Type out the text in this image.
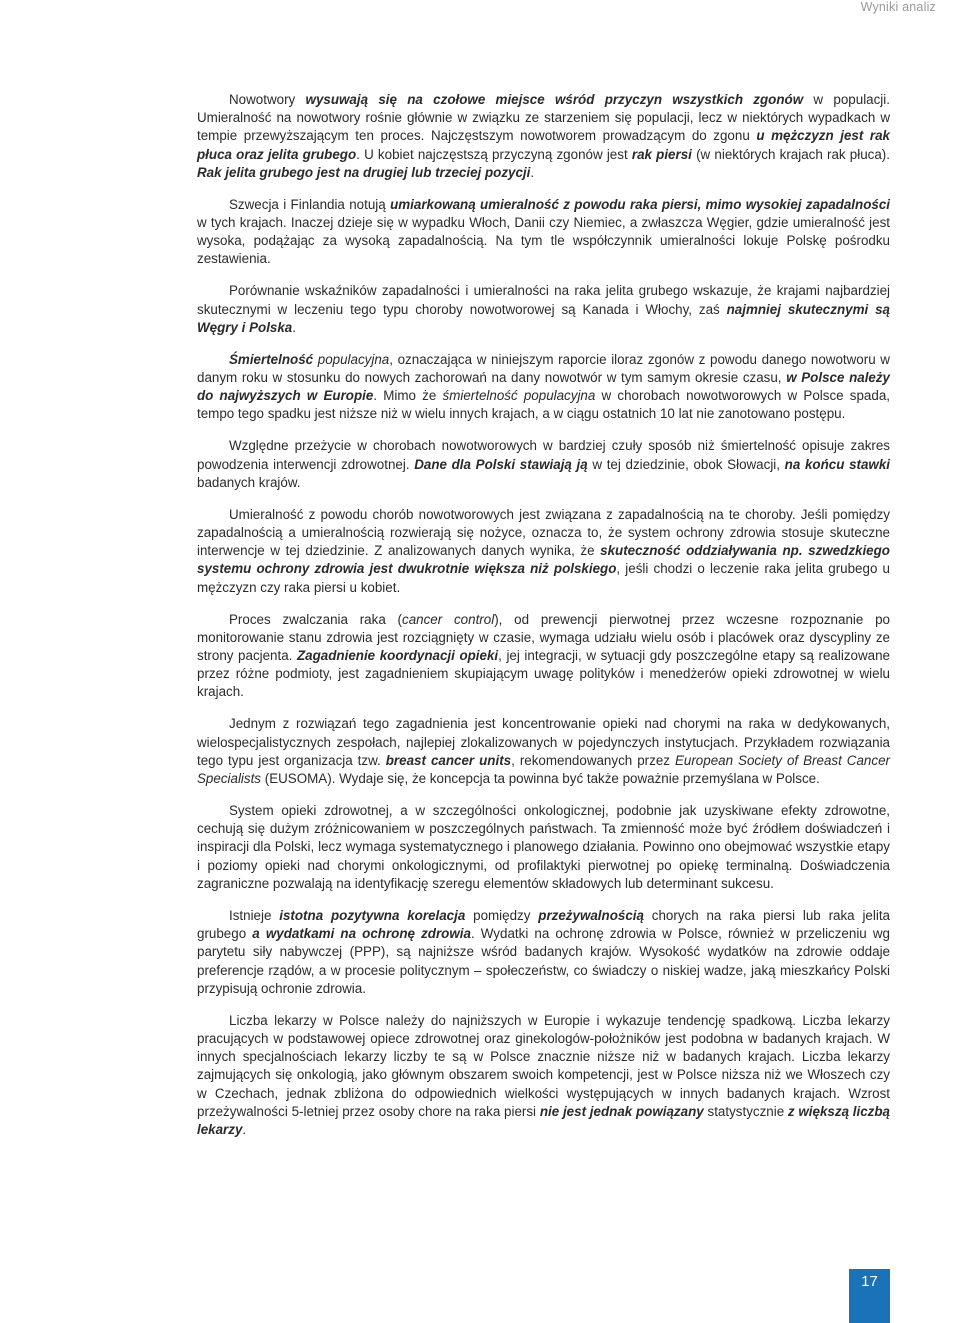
Wyniki analiz

Nowotwory wysuwają się na czołowe miejsce wśród przyczyn wszystkich zgonów w populacji. Umieralność na nowotwory rośnie głównie w związku ze starzeniem się populacji, lecz w niektórych wypadkach w tempie przewyższającym ten proces. Najczęstszym nowotworem prowadzącym do zgonu u mężczyzn jest rak płuca oraz jelita grubego. U kobiet najczęstszą przyczyną zgonów jest rak piersi (w niektórych krajach rak płuca). Rak jelita grubego jest na drugiej lub trzeciej pozycji.

Szwecja i Finlandia notują umiarkowaną umieralność z powodu raka piersi, mimo wysokiej zapadalności w tych krajach. Inaczej dzieje się w wypadku Włoch, Danii czy Niemiec, a zwłaszcza Węgier, gdzie umieralność jest wysoka, podążając za wysoką zapadalnością. Na tym tle współczynnik umieralności lokuje Polskę pośrodku zestawienia.

Porównanie wskaźników zapadalności i umieralności na raka jelita grubego wskazuje, że krajami najbardziej skutecznymi w leczeniu tego typu choroby nowotworowej są Kanada i Włochy, zaś najmniej skutecznymi są Węgry i Polska.

Śmiertelność populacyjna, oznaczająca w niniejszym raporcie iloraz zgonów z powodu danego nowotworu w danym roku w stosunku do nowych zachorowań na dany nowotwór w tym samym okresie czasu, w Polsce należy do najwyższych w Europie. Mimo że śmiertelność populacyjna w chorobach nowotworowych w Polsce spada, tempo tego spadku jest niższe niż w wielu innych krajach, a w ciągu ostatnich 10 lat nie zanotowano postępu.

Względne przeżycie w chorobach nowotworowych w bardziej czuły sposób niż śmiertelność opisuje zakres powodzenia interwencji zdrowotnej. Dane dla Polski stawiają ją w tej dziedzinie, obok Słowacji, na końcu stawki badanych krajów.

Umieralność z powodu chorób nowotworowych jest związana z zapadalnością na te choroby. Jeśli pomiędzy zapadalnością a umieralnością rozwierają się nożyce, oznacza to, że system ochrony zdrowia stosuje skuteczne interwencje w tej dziedzinie. Z analizowanych danych wynika, że skuteczność oddziaływania np. szwedzkiego systemu ochrony zdrowia jest dwukrotnie większa niż polskiego, jeśli chodzi o leczenie raka jelita grubego u mężczyzn czy raka piersi u kobiet.

Proces zwalczania raka (cancer control), od prewencji pierwotnej przez wczesne rozpoznanie po monitorowanie stanu zdrowia jest rozciągnięty w czasie, wymaga udziału wielu osób i placówek oraz dyscypliny ze strony pacjenta. Zagadnienie koordynacji opieki, jej integracji, w sytuacji gdy poszczególne etapy są realizowane przez różne podmioty, jest zagadnieniem skupiającym uwagę polityków i menedżerów opieki zdrowotnej w wielu krajach.

Jednym z rozwiązań tego zagadnienia jest koncentrowanie opieki nad chorymi na raka w dedykowanych, wielospecjalistycznych zespołach, najlepiej zlokalizowanych w pojedynczych instytucjach. Przykładem rozwiązania tego typu jest organizacja tzw. breast cancer units, rekomendowanych przez European Society of Breast Cancer Specialists (EUSOMA). Wydaje się, że koncepcja ta powinna być także poważnie przemyślana w Polsce.

System opieki zdrowotnej, a w szczególności onkologicznej, podobnie jak uzyskiwane efekty zdrowotne, cechują się dużym zróżnicowaniem w poszczególnych państwach. Ta zmienność może być źródłem doświadczeń i inspiracji dla Polski, lecz wymaga systematycznego i planowego działania. Powinno ono obejmować wszystkie etapy i poziomy opieki nad chorymi onkologicznymi, od profilaktyki pierwotnej po opiekę terminalną. Doświadczenia zagraniczne pozwalają na identyfikację szeregu elementów składowych lub determinant sukcesu.

Istnieje istotna pozytywna korelacja pomiędzy przeżywalnością chorych na raka piersi lub raka jelita grubego a wydatkami na ochronę zdrowia. Wydatki na ochronę zdrowia w Polsce, również w przeliczeniu wg parytetu siły nabywczej (PPP), są najniższe wśród badanych krajów. Wysokość wydatków na zdrowie oddaje preferencje rządów, a w procesie politycznym – społeczeństw, co świadczy o niskiej wadze, jaką mieszkańcy Polski przypisują ochronie zdrowia.

Liczba lekarzy w Polsce należy do najniższych w Europie i wykazuje tendencję spadkową. Liczba lekarzy pracujących w podstawowej opiece zdrowotnej oraz ginekologów-położników jest podobna w badanych krajach. W innych specjalnościach lekarzy liczby te są w Polsce znacznie niższe niż w badanych krajach. Liczba lekarzy zajmujących się onkologią, jako głównym obszarem swoich kompetencji, jest w Polsce niższa niż we Włoszech czy w Czechach, jednak zbliżona do odpowiednich wielkości występujących w innych badanych krajach. Wzrost przeżywalności 5-letniej przez osoby chore na raka piersi nie jest jednak powiązany statystycznie z większą liczbą lekarzy.

17
